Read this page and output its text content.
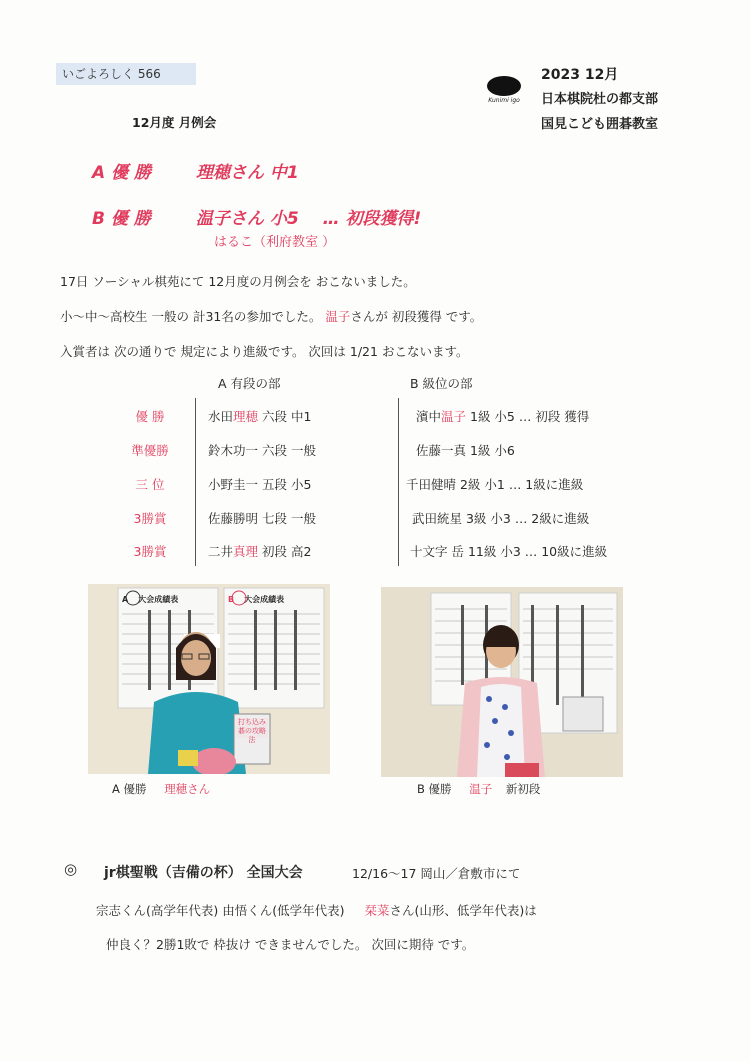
いごよろしく 566
Kunimi igo
2023 12月
日本棋院杜の都支部
国見こども囲碁教室
12月度 月例会
A 優 勝	理穂さん 中1
B 優 勝	温子さん 小5 … 初段獲得!
はるこ（利府教室 ）
17日 ソーシャル棋苑にて 12月度の月例会を おこないました。
小～中～高校生 一般の 計31名の参加でした。 温子さんが 初段獲得 です。
入賞者は 次の通りで 規定により進級です。 次回は 1/21 おこないます。
A 有段の部	B 級位の部
優 勝	水田理穂 六段 中1	濱中温子 1級 小5 … 初段 獲得
準優勝	鈴木功一 六段 一般	佐藤一真 1級 小6
三 位	小野圭一 五段 小5	千田健晴 2級 小1 … 1級に進級
3勝賞	佐藤勝明 七段 一般	武田統星 3級 小3 … 2級に進級
3勝賞	二井真理 初段 高2	十文字 岳 11級 小3 … 10級に進級
A 大会成績表	B 大会成績表
打ち込み碁の攻略法
A 優勝 理穂さん	B 優勝 温子 新初段
◎ jr棋聖戦（吉備の杯） 全国大会	12/16～17 岡山／倉敷市にて
宗志くん(高学年代表) 由悟くん(低学年代表) 栞菜さん(山形、低学年代表)は
仲良く？2勝1敗で 枠抜け できませんでした。 次回に期待 です。
